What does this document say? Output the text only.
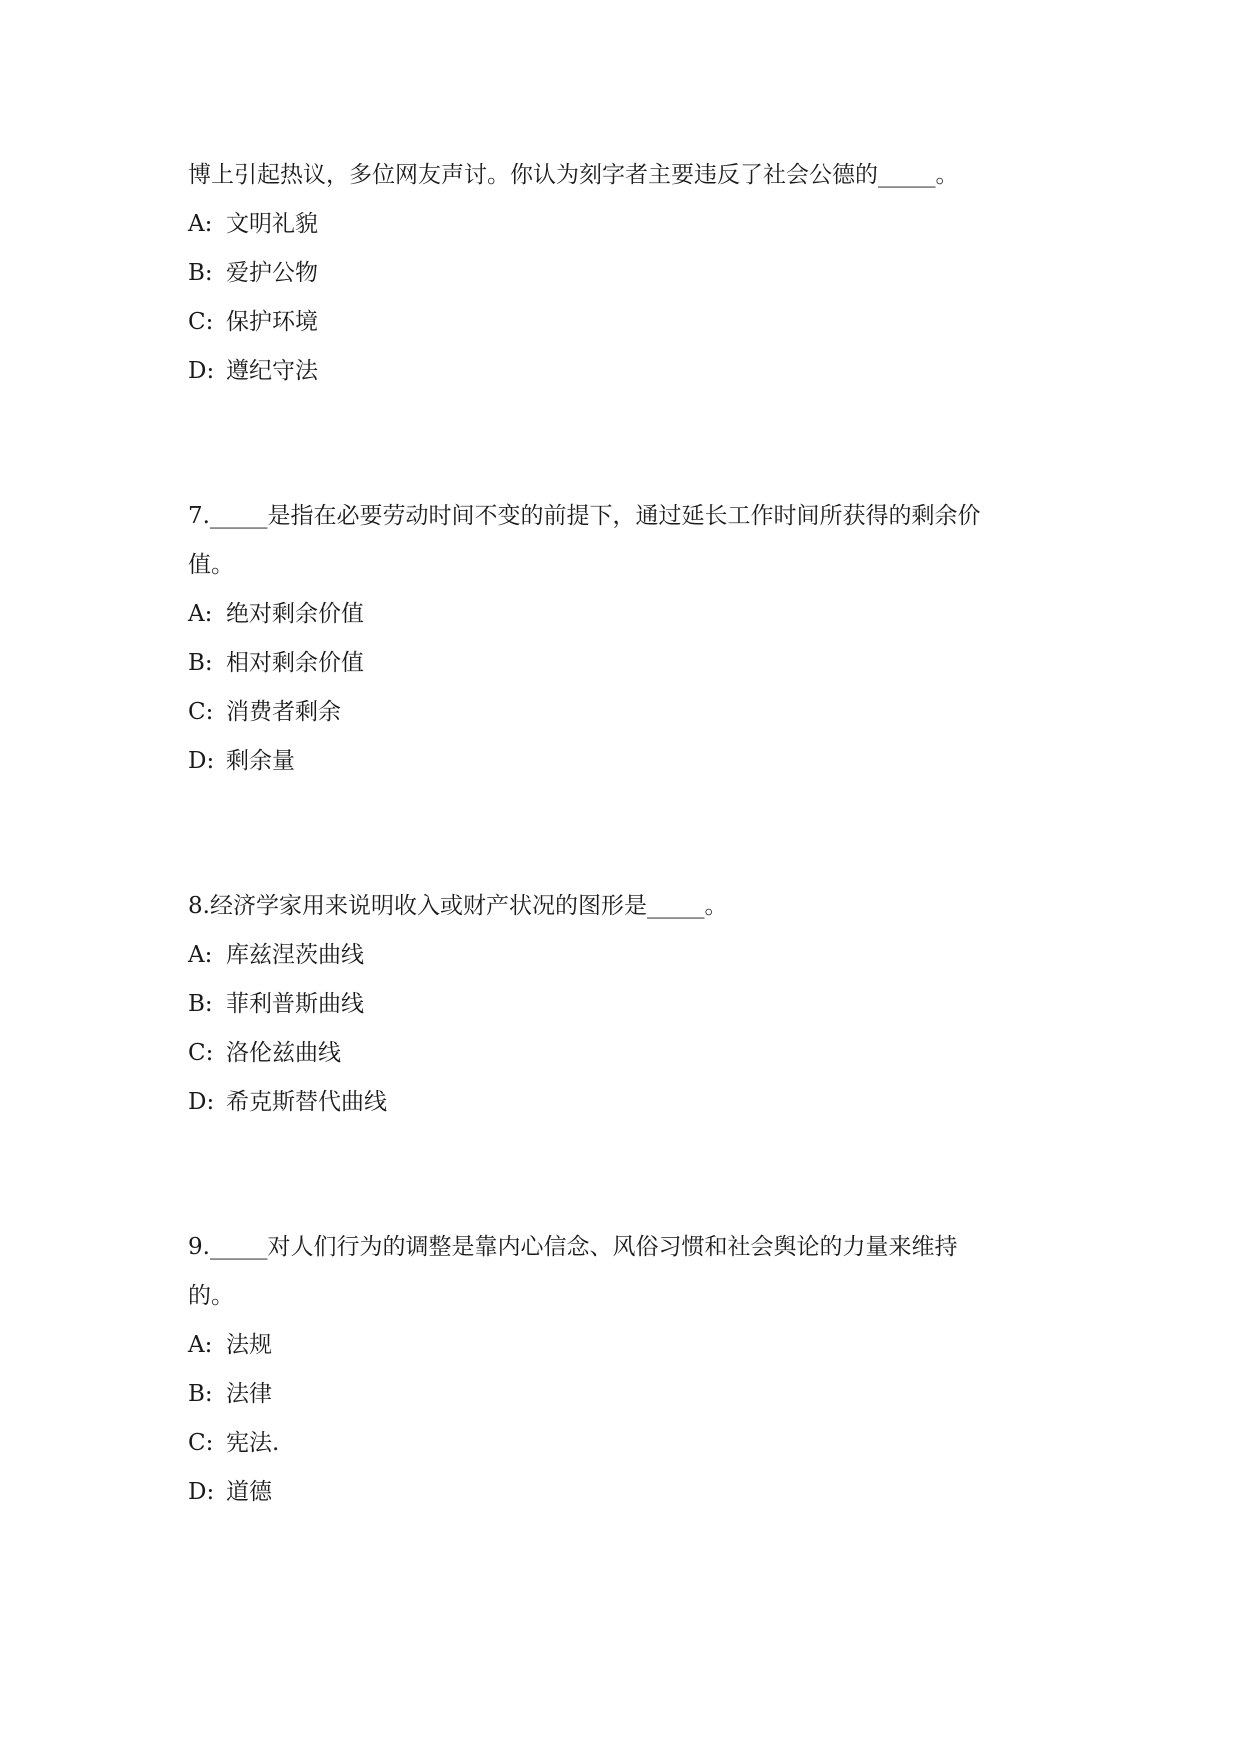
博上引起热议，多位网友声讨。你认为刻字者主要违反了社会公德的_____。
A: 文明礼貌
B: 爱护公物
C: 保护环境
D: 遵纪守法
7._____是指在必要劳动时间不变的前提下，通过延长工作时间所获得的剩余价
值。
A: 绝对剩余价值
B: 相对剩余价值
C: 消费者剩余
D: 剩余量
8.经济学家用来说明收入或财产状况的图形是_____。
A: 库兹涅茨曲线
B: 菲利普斯曲线
C: 洛伦兹曲线
D: 希克斯替代曲线
9._____对人们行为的调整是靠内心信念、风俗习惯和社会舆论的力量来维持
的。
A: 法规
B: 法律
C: 宪法.
D: 道德
